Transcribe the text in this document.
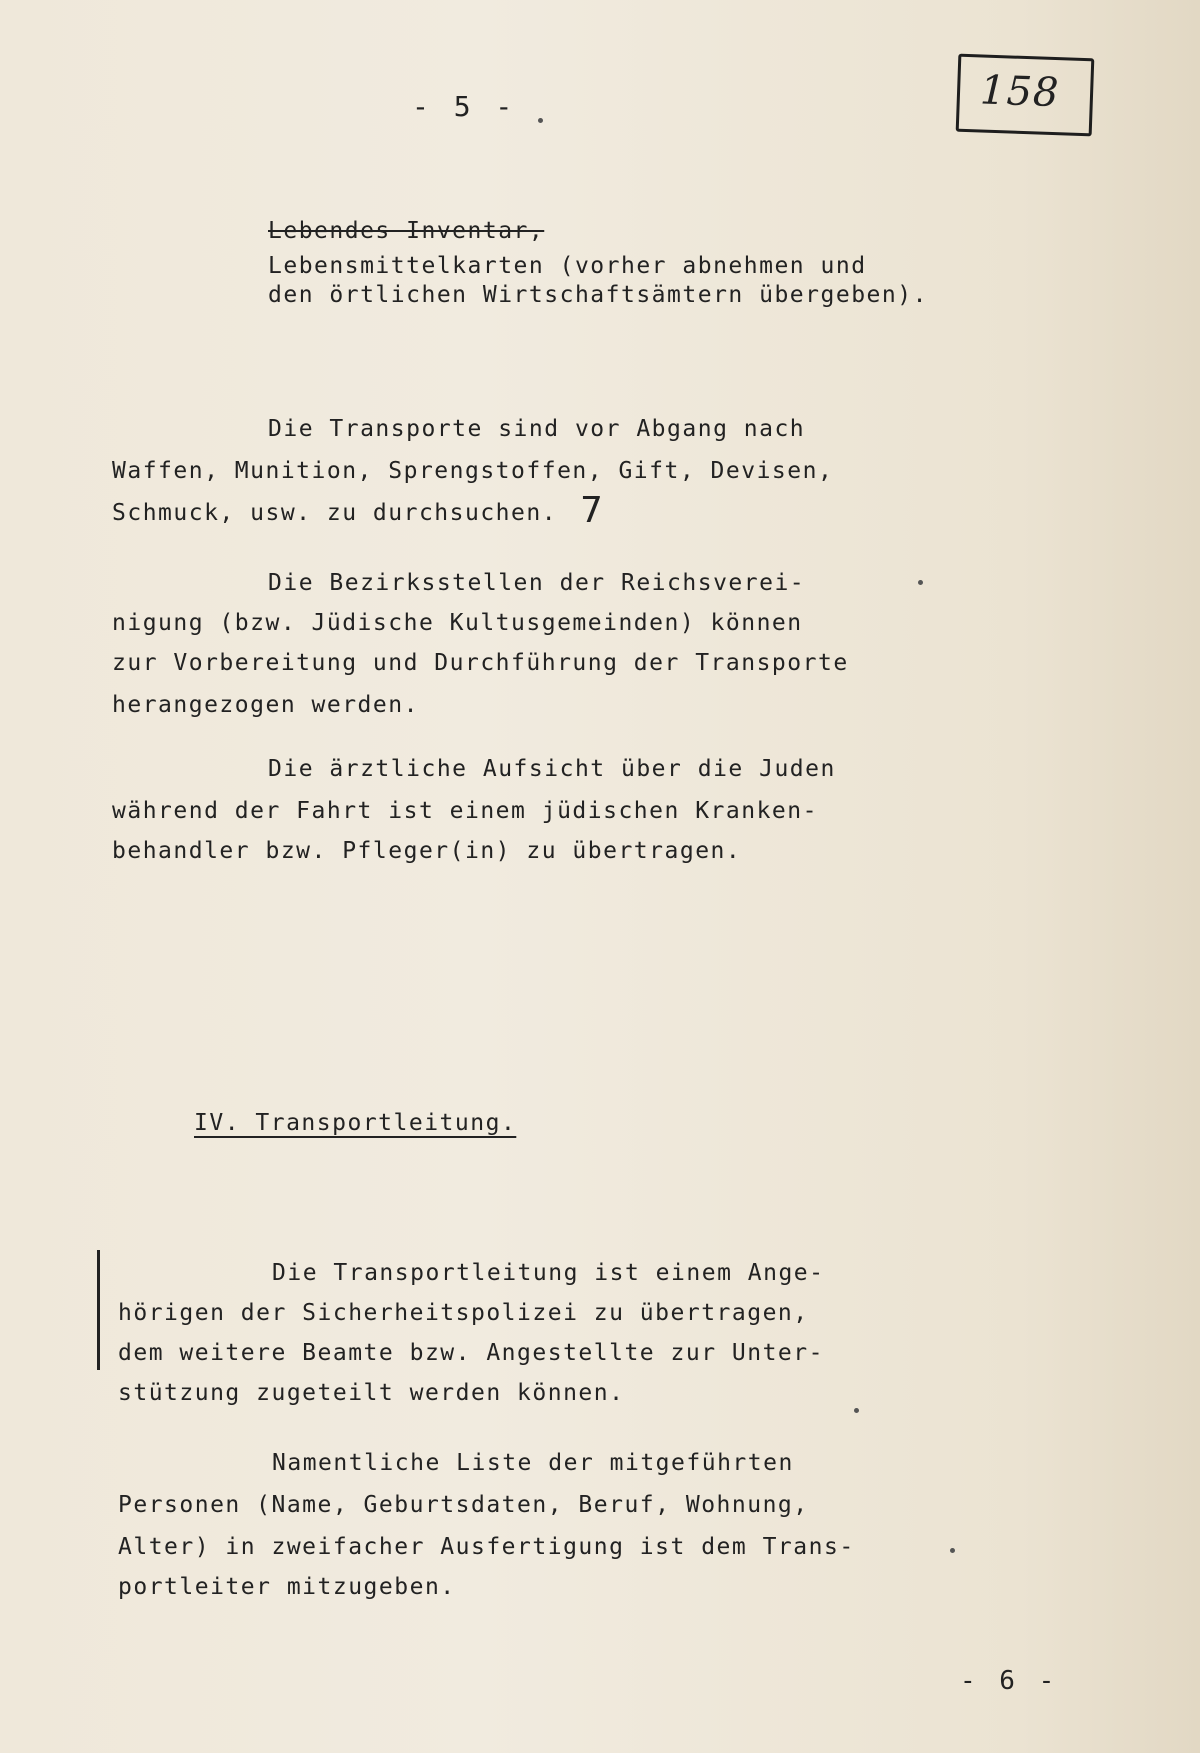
- 5 -	158
Lebendes Inventar,
Lebensmittelkarten (vorher abnehmen und
den örtlichen Wirtschaftsämtern übergeben).
Die Transporte sind vor Abgang nach
Waffen, Munition, Sprengstoffen, Gift, Devisen,
Schmuck, usw. zu durchsuchen. 7
Die Bezirksstellen der Reichsverei-
nigung (bzw. Jüdische Kultusgemeinden) können
zur Vorbereitung und Durchführung der Transporte
herangezogen werden.
Die ärztliche Aufsicht über die Juden
während der Fahrt ist einem jüdischen Kranken-
behandler bzw. Pfleger(in) zu übertragen.
IV. Transportleitung.
Die Transportleitung ist einem Ange-
hörigen der Sicherheitspolizei zu übertragen,
dem weitere Beamte bzw. Angestellte zur Unter-
stützung zugeteilt werden können.
Namentliche Liste der mitgeführten
Personen (Name, Geburtsdaten, Beruf, Wohnung,
Alter) in zweifacher Ausfertigung ist dem Trans-
portleiter mitzugeben.
- 6 -
